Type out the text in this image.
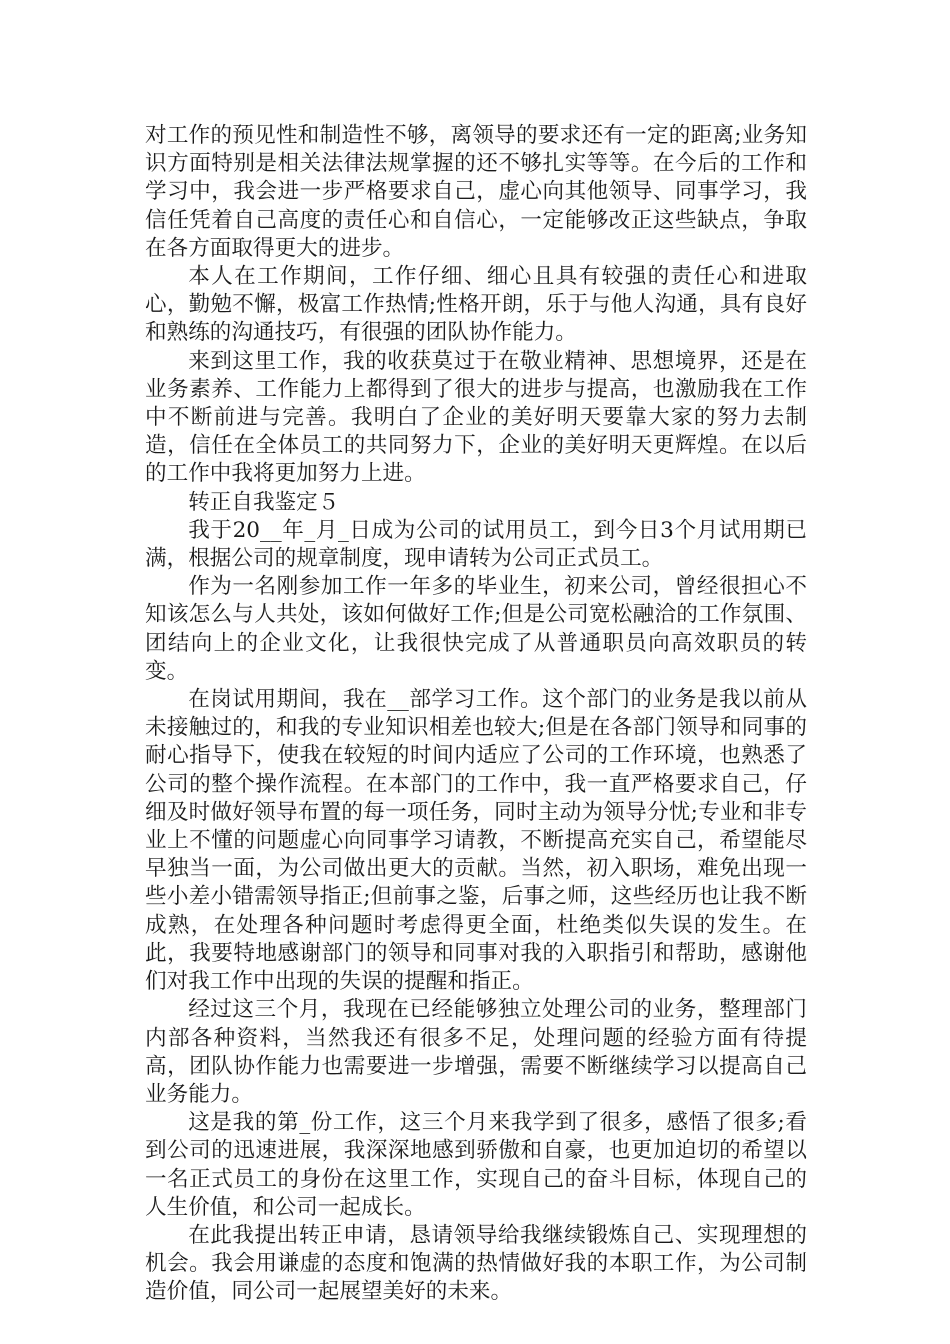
对工作的预见性和制造性不够，离领导的要求还有一定的距离;业务知识方面特别是相关法律法规掌握的还不够扎实等等。在今后的工作和学习中，我会进一步严格要求自己，虚心向其他领导、同事学习，我信任凭着自己高度的责任心和自信心，一定能够改正这些缺点，争取在各方面取得更大的进步。

本人在工作期间，工作仔细、细心且具有较强的责任心和进取心，勤勉不懈，极富工作热情;性格开朗，乐于与他人沟通，具有良好和熟练的沟通技巧，有很强的团队协作能力。

来到这里工作，我的收获莫过于在敬业精神、思想境界，还是在业务素养、工作能力上都得到了很大的进步与提高，也激励我在工作中不断前进与完善。我明白了企业的美好明天要靠大家的努力去制造，信任在全体员工的共同努力下，企业的美好明天更辉煌。在以后的工作中我将更加努力上进。

转正自我鉴定５

我于20__年_月_日成为公司的试用员工，到今日3个月试用期已满，根据公司的规章制度，现申请转为公司正式员工。

作为一名刚参加工作一年多的毕业生，初来公司，曾经很担心不知该怎么与人共处，该如何做好工作;但是公司宽松融洽的工作氛围、团结向上的企业文化，让我很快完成了从普通职员向高效职员的转变。

在岗试用期间，我在__部学习工作。这个部门的业务是我以前从未接触过的，和我的专业知识相差也较大;但是在各部门领导和同事的耐心指导下，使我在较短的时间内适应了公司的工作环境，也熟悉了公司的整个操作流程。在本部门的工作中，我一直严格要求自己，仔细及时做好领导布置的每一项任务，同时主动为领导分忧;专业和非专业上不懂的问题虚心向同事学习请教，不断提高充实自己，希望能尽早独当一面，为公司做出更大的贡献。当然，初入职场，难免出现一些小差小错需领导指正;但前事之鉴，后事之师，这些经历也让我不断成熟，在处理各种问题时考虑得更全面，杜绝类似失误的发生。在此，我要特地感谢部门的领导和同事对我的入职指引和帮助，感谢他们对我工作中出现的失误的提醒和指正。

经过这三个月，我现在已经能够独立处理公司的业务，整理部门内部各种资料，当然我还有很多不足，处理问题的经验方面有待提高，团队协作能力也需要进一步增强，需要不断继续学习以提高自己业务能力。

这是我的第_份工作，这三个月来我学到了很多，感悟了很多;看到公司的迅速进展，我深深地感到骄傲和自豪，也更加迫切的希望以一名正式员工的身份在这里工作，实现自己的奋斗目标，体现自己的人生价值，和公司一起成长。

在此我提出转正申请，恳请领导给我继续锻炼自己、实现理想的机会。我会用谦虚的态度和饱满的热情做好我的本职工作，为公司制造价值，同公司一起展望美好的未来。
